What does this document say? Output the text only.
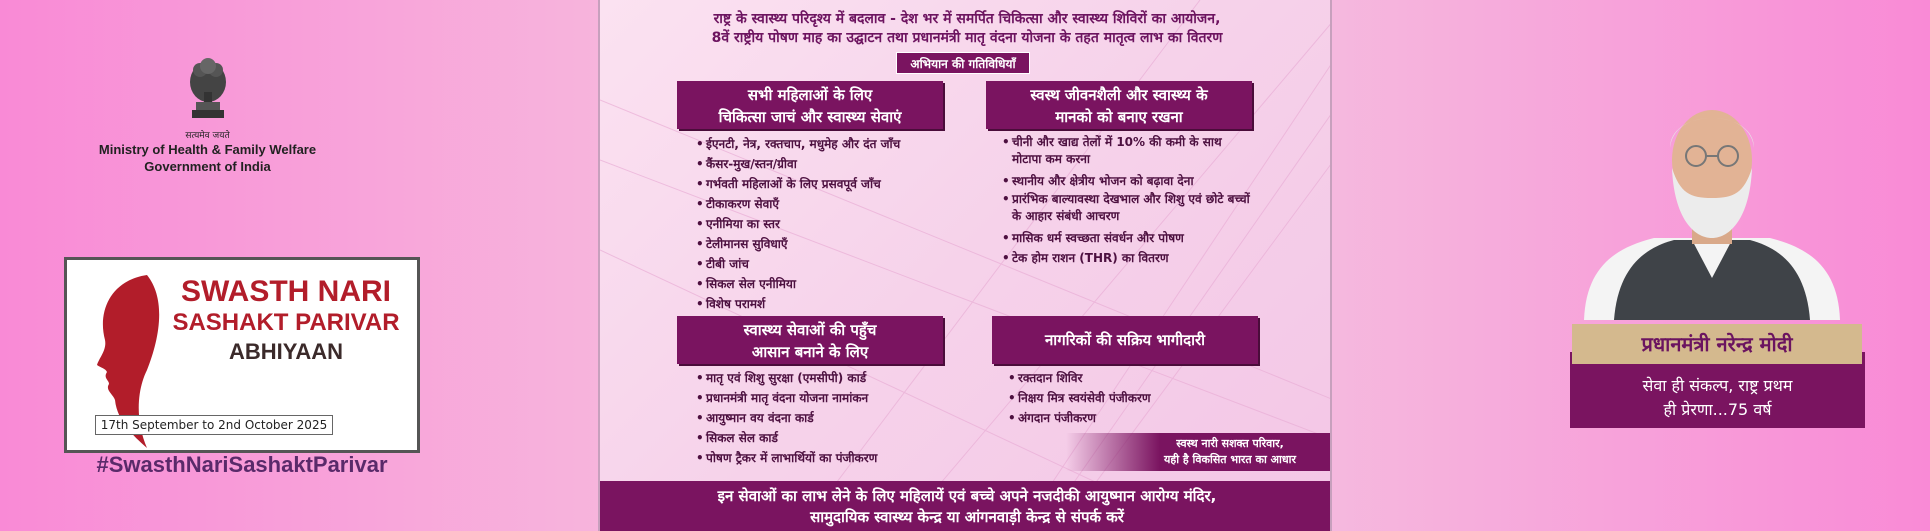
सत्यमेव जयते
Ministry of Health & Family Welfare
Government of India
SWASTH NARI
SASHAKT PARIVAR
ABHIYAAN
17th September to 2nd October 2025
#SwasthNariSashaktParivar
राष्ट्र के स्वास्थ्य परिदृश्य में बदलाव - देश भर में समर्पित चिकित्सा और स्वास्थ्य शिविरों का आयोजन,
8वें राष्ट्रीय पोषण माह का उद्घाटन तथा प्रधानमंत्री मातृ वंदना योजना के तहत मातृत्व लाभ का वितरण
अभियान की गतिविधियाँ
सभी महिलाओं के लिए
चिकित्सा जाचं और स्वास्थ्य सेवाएं
• ईएनटी, नेत्र, रक्तचाप, मधुमेह और दंत जाँच
• कैंसर-मुख/स्तन/ग्रीवा
• गर्भवती महिलाओं के लिए प्रसवपूर्व जाँच
• टीकाकरण सेवाएँ
• एनीमिया का स्तर
• टेलीमानस सुविधाएँ
• टीबी जांच
• सिकल सेल एनीमिया
• विशेष परामर्श
स्वस्थ जीवनशैली और स्वास्थ्य के
मानको को बनाए रखना
• चीनी और खाद्य तेलों में 10% की कमी के साथ मोटापा कम करना
• स्थानीय और क्षेत्रीय भोजन को बढ़ावा देना
• प्रारंभिक बाल्यावस्था देखभाल और शिशु एवं छोटे बच्चों के आहार संबंधी आचरण
• मासिक धर्म स्वच्छता संवर्धन और पोषण
• टेक होम राशन (THR) का वितरण
स्वास्थ्य सेवाओं की पहुँच
आसान बनाने के लिए
• मातृ एवं शिशु सुरक्षा (एमसीपी) कार्ड
• प्रधानमंत्री मातृ वंदना योजना नामांकन
• आयुष्मान वय वंदना कार्ड
• सिकल सेल कार्ड
• पोषण ट्रैकर में लाभार्थियों का पंजीकरण
नागरिकों की सक्रिय भागीदारी
• रक्तदान शिविर
• निक्षय मित्र स्वयंसेवी पंजीकरण
• अंगदान पंजीकरण
स्वस्थ नारी सशक्त परिवार,
यही है विकसित भारत का आधार
इन सेवाओं का लाभ लेने के लिए महिलायें एवं बच्चे अपने नजदीकी आयुष्मान आरोग्य मंदिर,
सामुदायिक स्वास्थ्य केन्द्र या आंगनवाड़ी केन्द्र से संपर्क करें
सेवा ही संकल्प, राष्ट्र प्रथम
ही प्रेरणा...75 वर्ष
प्रधानमंत्री नरेन्द्र मोदी
